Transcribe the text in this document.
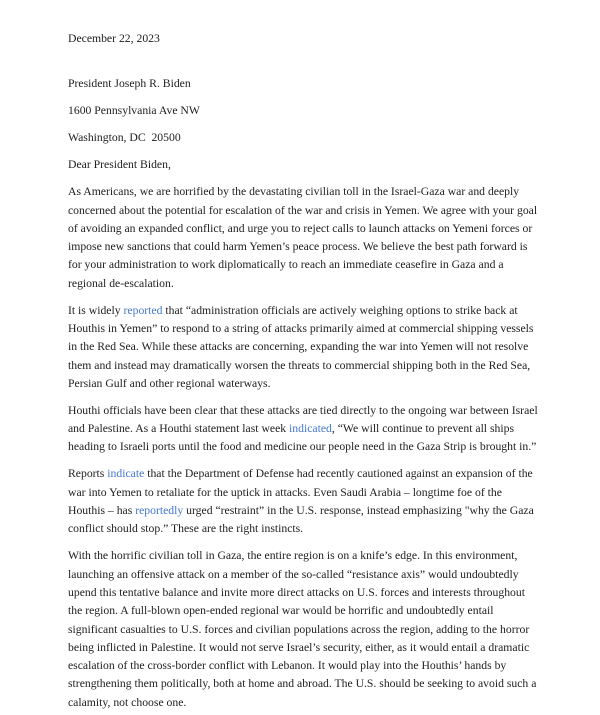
December 22, 2023

President Joseph R. Biden

1600 Pennsylvania Ave NW

Washington, DC  20500

Dear President Biden,

As Americans, we are horrified by the devastating civilian toll in the Israel-Gaza war and deeply concerned about the potential for escalation of the war and crisis in Yemen. We agree with your goal of avoiding an expanded conflict, and urge you to reject calls to launch attacks on Yemeni forces or impose new sanctions that could harm Yemen’s peace process. We believe the best path forward is for your administration to work diplomatically to reach an immediate ceasefire in Gaza and a regional de-escalation.

It is widely reported that “administration officials are actively weighing options to strike back at Houthis in Yemen” to respond to a string of attacks primarily aimed at commercial shipping vessels in the Red Sea. While these attacks are concerning, expanding the war into Yemen will not resolve them and instead may dramatically worsen the threats to commercial shipping both in the Red Sea, Persian Gulf and other regional waterways.

Houthi officials have been clear that these attacks are tied directly to the ongoing war between Israel and Palestine. As a Houthi statement last week indicated, “We will continue to prevent all ships heading to Israeli ports until the food and medicine our people need in the Gaza Strip is brought in.”

Reports indicate that the Department of Defense had recently cautioned against an expansion of the war into Yemen to retaliate for the uptick in attacks. Even Saudi Arabia – longtime foe of the Houthis – has reportedly urged “restraint” in the U.S. response, instead emphasizing "why the Gaza conflict should stop.” These are the right instincts.

With the horrific civilian toll in Gaza, the entire region is on a knife’s edge. In this environment, launching an offensive attack on a member of the so-called “resistance axis” would undoubtedly upend this tentative balance and invite more direct attacks on U.S. forces and interests throughout the region. A full-blown open-ended regional war would be horrific and undoubtedly entail significant casualties to U.S. forces and civilian populations across the region, adding to the horror being inflicted in Palestine. It would not serve Israel’s security, either, as it would entail a dramatic escalation of the cross-border conflict with Lebanon. It would play into the Houthis’ hands by strengthening them politically, both at home and abroad. The U.S. should be seeking to avoid such a calamity, not choose one.
